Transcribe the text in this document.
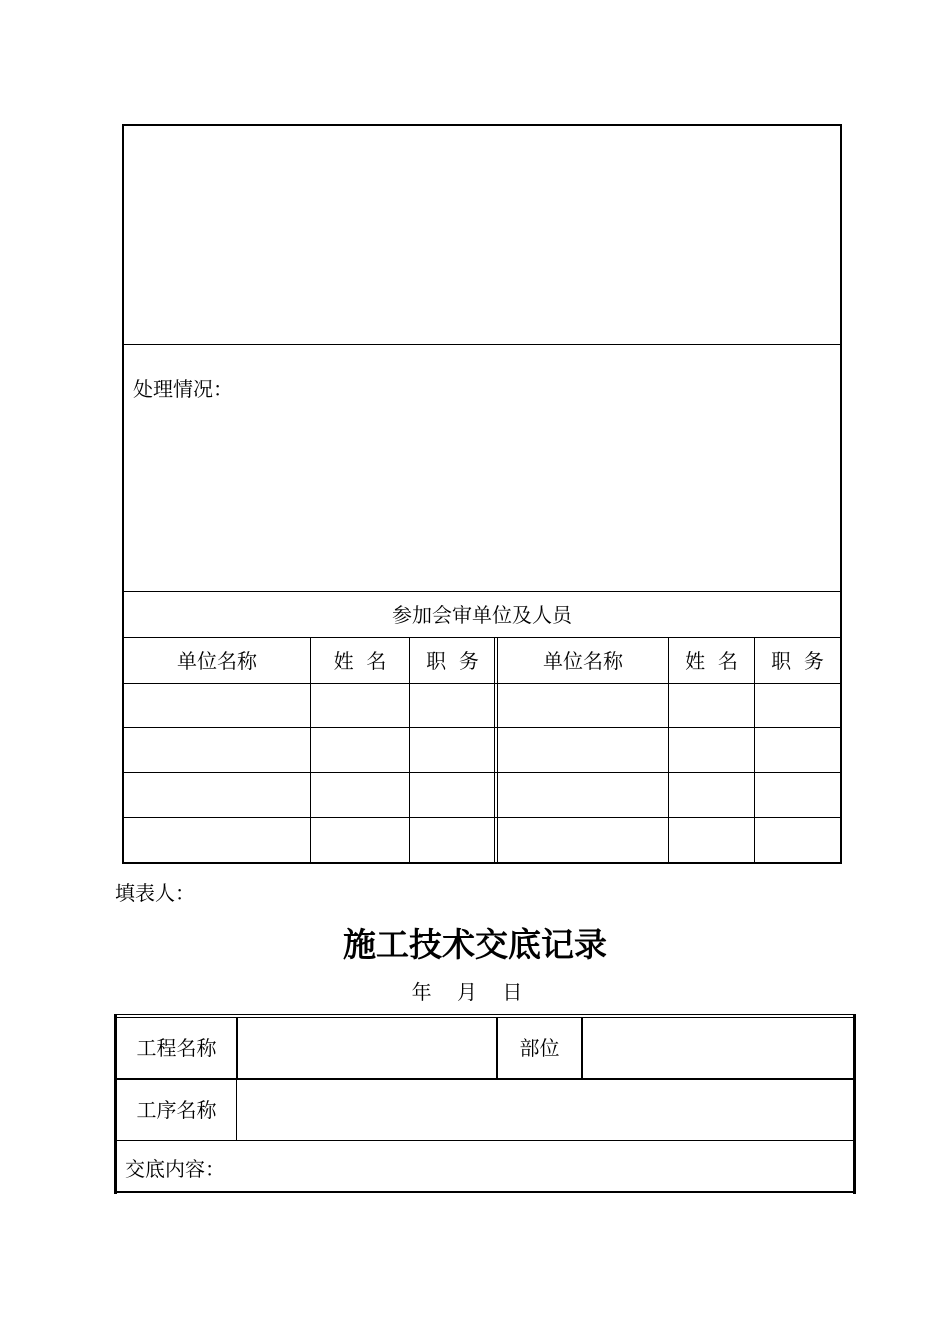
处理情况：
参加会审单位及人员
单位名称	姓  名	职  务	单位名称	姓  名	职  务
填表人：
施工技术交底记录
年    月    日
工程名称	部位
工序名称
交底内容：
